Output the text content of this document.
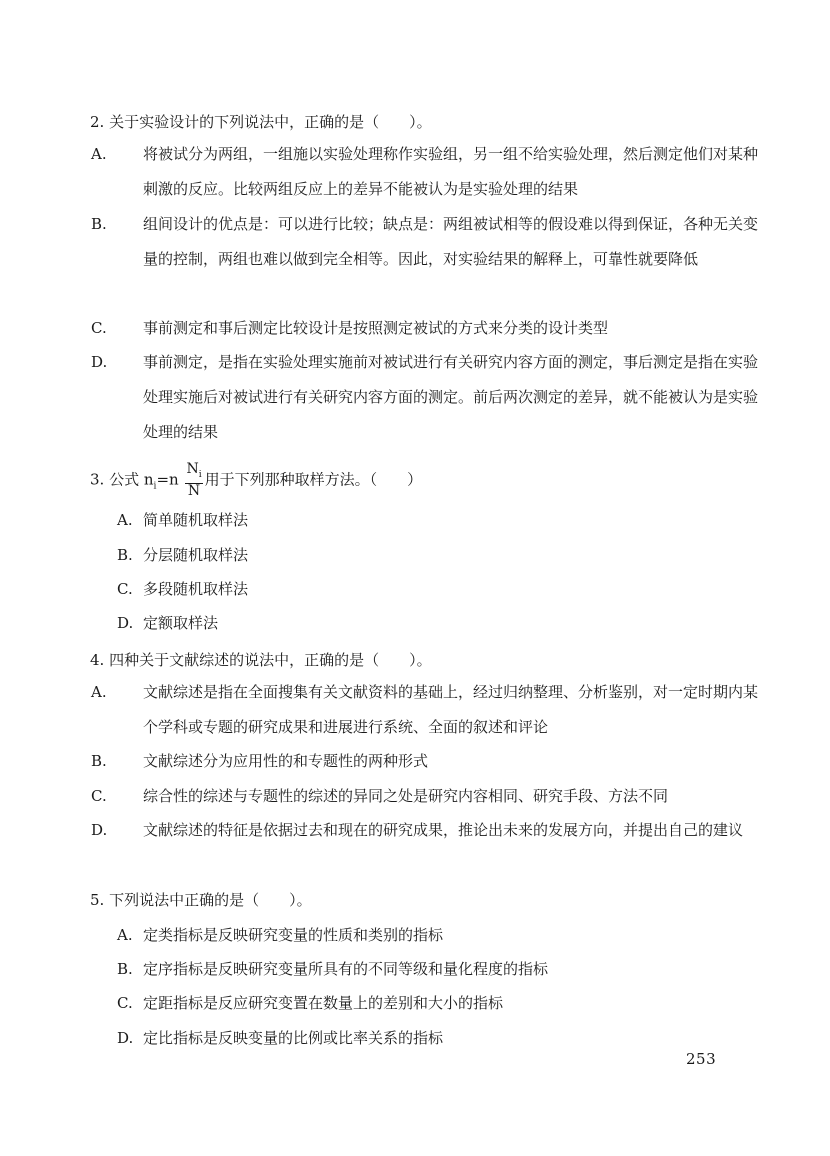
2. 关于实验设计的下列说法中，正确的是（　　）。
A. 将被试分为两组，一组施以实验处理称作实验组，另一组不给实验处理，然后测定他们对某种刺激的反应。比较两组反应上的差异不能被认为是实验处理的结果
B. 组间设计的优点是：可以进行比较；缺点是：两组被试相等的假设难以得到保证，各种无关变量的控制，两组也难以做到完全相等。因此，对实验结果的解释上，可靠性就要降低
C. 事前测定和事后测定比较设计是按照测定被试的方式来分类的设计类型
D. 事前测定，是指在实验处理实施前对被试进行有关研究内容方面的测定，事后测定是指在实验处理实施后对被试进行有关研究内容方面的测定。前后两次测定的差异，就不能被认为是实验处理的结果
3. 公式 $n_i=n \frac{N_i}{N}$ 用于下列那种取样方法。（　　）
A. 简单随机取样法
B. 分层随机取样法
C. 多段随机取样法
D. 定额取样法
4. 四种关于文献综述的说法中，正确的是（　　）。
A. 文献综述是指在全面搜集有关文献资料的基础上，经过归纳整理、分析鉴别，对一定时期内某个学科或专题的研究成果和进展进行系统、全面的叙述和评论
B. 文献综述分为应用性的和专题性的两种形式
C. 综合性的综述与专题性的综述的异同之处是研究内容相同、研究手段、方法不同
D. 文献综述的特征是依据过去和现在的研究成果，推论出未来的发展方向，并提出自己的建议
5. 下列说法中正确的是（　　）。
A. 定类指标是反映研究变量的性质和类别的指标
B. 定序指标是反映研究变量所具有的不同等级和量化程度的指标
C. 定距指标是反应研究变置在数量上的差别和大小的指标
D. 定比指标是反映变量的比例或比率关系的指标
253
